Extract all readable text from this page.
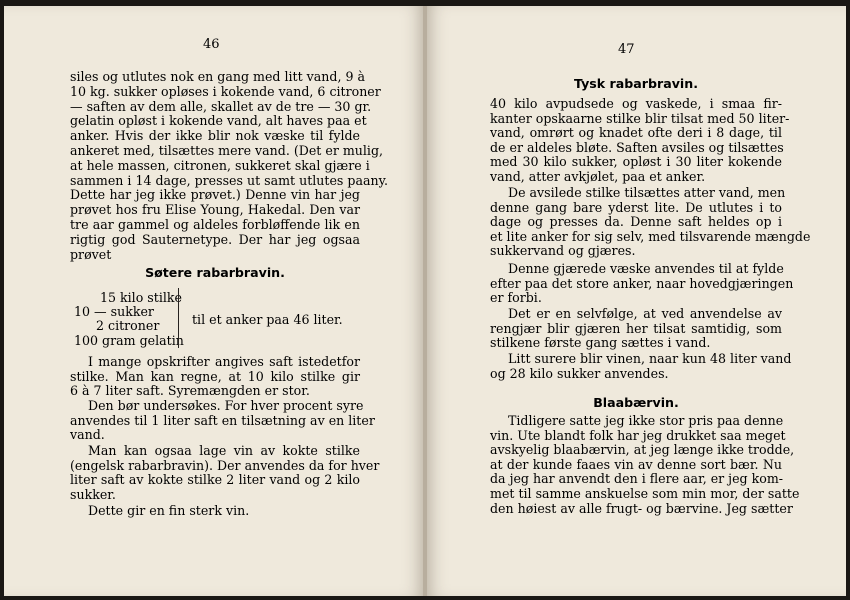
46	47
Søtere rabarbravin.
Tysk rabarbravin.
Blaabærvin.
15 kilo stilke
10 — sukker
2 citroner
100 gram gelatin
til et anker paa 46 liter.
siles og utlutes nok en gang med litt vand, 9 à
10 kg. sukker opløses i kokende vand, 6 citroner
— saften av dem alle, skallet av de tre — 30 gr.
gelatin opløst i kokende vand, alt haves paa et
anker. Hvis der ikke blir nok væske til fylde
ankeret med, tilsættes mere vand. (Det er mulig,
at hele massen, citronen, sukkeret skal gjære i
sammen i 14 dage, presses ut samt utlutes paany.
Dette har jeg ikke prøvet.) Denne vin har jeg
prøvet hos fru Elise Young, Hakedal. Den var
tre aar gammel og aldeles forbløffende lik en
rigtig god Sauternetype. Der har jeg ogsaa
prøvet
I mange opskrifter angives saft istedetfor
stilke. Man kan regne, at 10 kilo stilke gir
6 à 7 liter saft. Syremængden er stor.
Den bør undersøkes. For hver procent syre
anvendes til 1 liter saft en tilsætning av en liter
vand.
Man kan ogsaa lage vin av kokte stilke
(engelsk rabarbravin). Der anvendes da for hver
liter saft av kokte stilke 2 liter vand og 2 kilo
sukker.
Dette gir en fin sterk vin.
40 kilo avpudsede og vaskede, i smaa fir-
kanter opskaarne stilke blir tilsat med 50 liter-
vand, omrørt og knadet ofte deri i 8 dage, til
de er aldeles bløte. Saften avsiles og tilsættes
med 30 kilo sukker, opløst i 30 liter kokende
vand, atter avkjølet, paa et anker.
De avsilede stilke tilsættes atter vand, men
denne gang bare yderst lite. De utlutes i to
dage og presses da. Denne saft heldes op i
et lite anker for sig selv, med tilsvarende mængde
sukkervand og gjæres.
Denne gjærede væske anvendes til at fylde
efter paa det store anker, naar hovedgjæringen
er forbi.
Det er en selvfølge, at ved anvendelse av
rengjær blir gjæren her tilsat samtidig, som
stilkene første gang sættes i vand.
Litt surere blir vinen, naar kun 48 liter vand
og 28 kilo sukker anvendes.
Tidligere satte jeg ikke stor pris paa denne
vin. Ute blandt folk har jeg drukket saa meget
avskyelig blaabærvin, at jeg længe ikke trodde,
at der kunde faaes vin av denne sort bær. Nu
da jeg har anvendt den i flere aar, er jeg kom-
met til samme anskuelse som min mor, der satte
den høiest av alle frugt- og bærvine. Jeg sætter
